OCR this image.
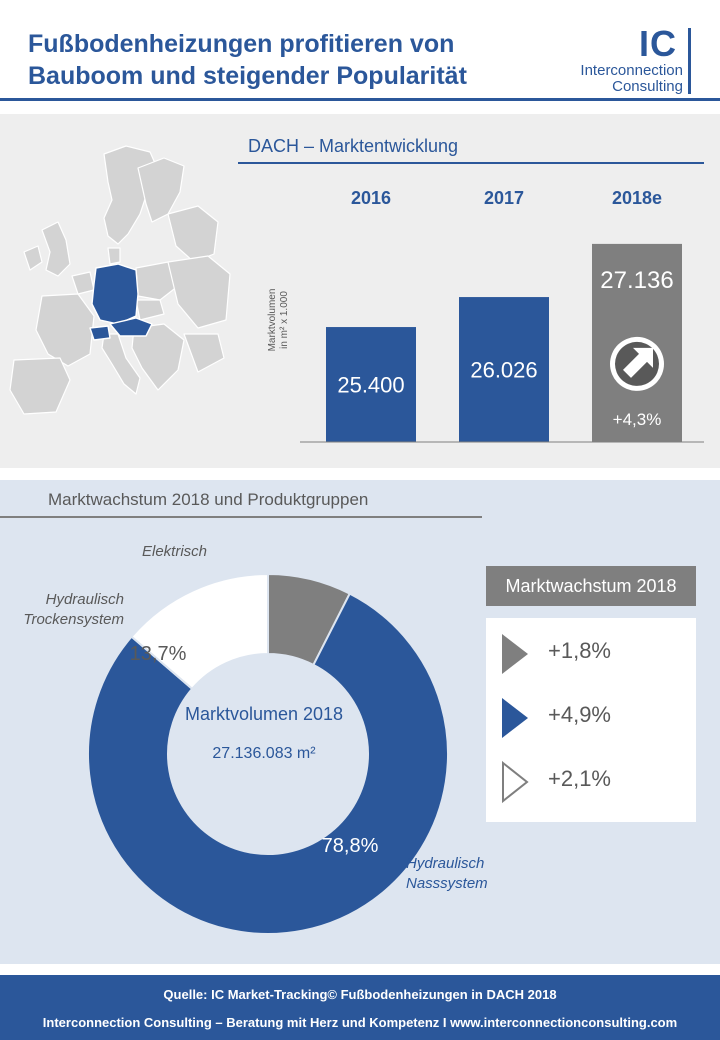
Fußbodenheizungen profitieren von
Bauboom und steigender Popularität
IC
Interconnection
Consulting
DACH – Marktentwicklung
Marktvolumen in m² x 1.000
2016
25.400
2017
26.026
2018e
27.136
+4,3%
Marktwachstum 2018 und Produktgruppen
78,8%
13,7%
Marktvolumen 2018
27.136.083 m²
Elektrisch
Hydraulisch
Trockensystem
Hydraulisch
Nasssystem
Marktwachstum 2018
+1,8%
+4,9%
+2,1%
Quelle: IC Market-Tracking© Fußbodenheizungen in DACH 2018
Interconnection Consulting – Beratung mit Herz und Kompetenz I www.interconnectionconsulting.com
